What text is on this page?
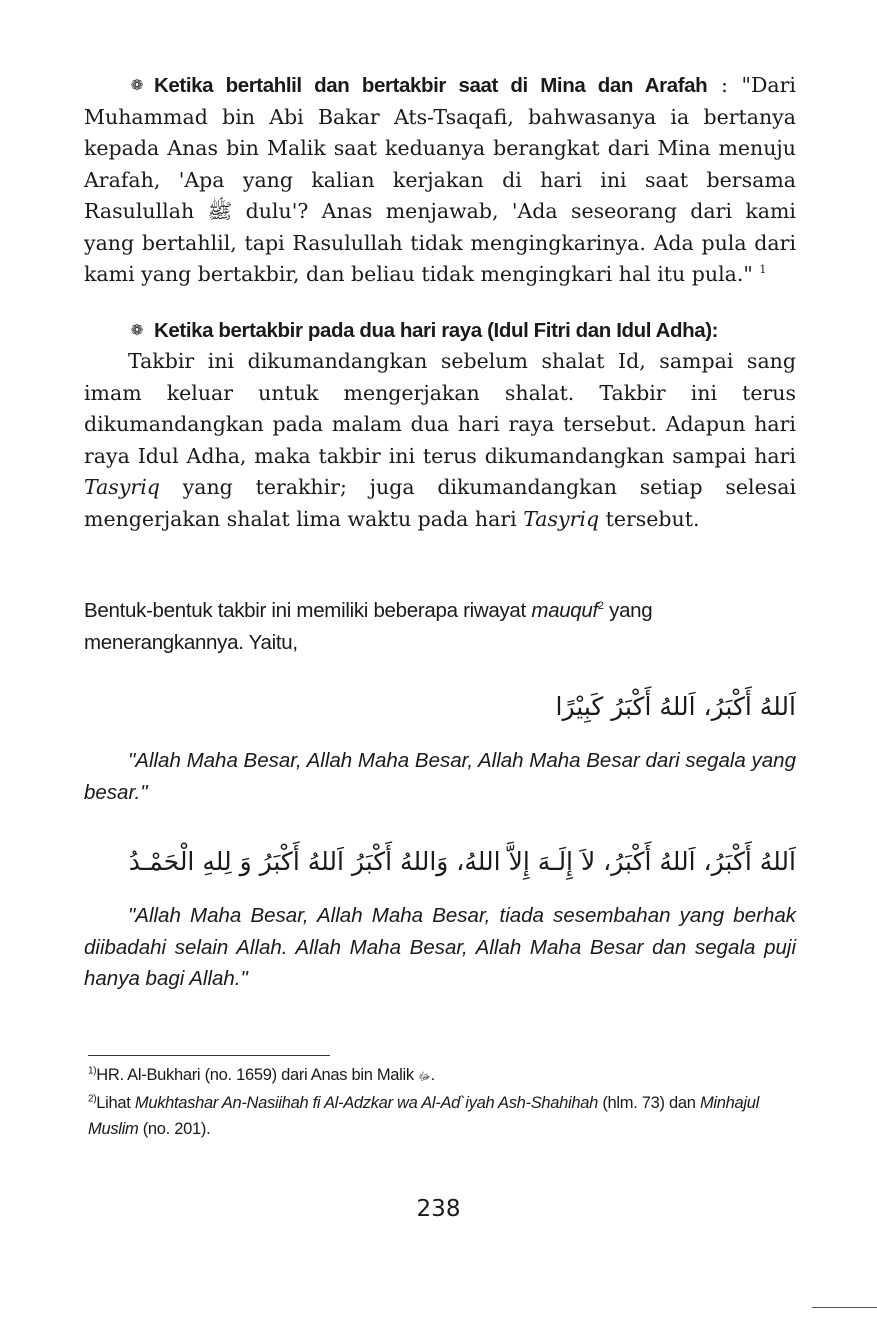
❁ Ketika bertahlil dan bertakbir saat di Mina dan Arafah : "Dari Muhammad bin Abi Bakar Ats-Tsaqafi, bahwasanya ia bertanya kepada Anas bin Malik saat keduanya berangkat dari Mina menuju Arafah, 'Apa yang kalian kerjakan di hari ini saat bersama Rasulullah ﷺ dulu'? Anas menjawab, 'Ada seseorang dari kami yang bertahlil, tapi Rasulullah tidak mengingkarinya. Ada pula dari kami yang bertakbir, dan beliau tidak mengingkari hal itu pula." $^1$

❁ Ketika bertakbir pada dua hari raya (Idul Fitri dan Idul Adha):
Takbir ini dikumandangkan sebelum shalat Id, sampai sang imam keluar untuk mengerjakan shalat. Takbir ini terus dikumandangkan pada malam dua hari raya tersebut. Adapun hari raya Idul Adha, maka takbir ini terus dikumandangkan sampai hari Tasyriq yang terakhir; juga dikumandangkan setiap selesai mengerjakan shalat lima waktu pada hari Tasyriq tersebut.

Bentuk-bentuk takbir ini memiliki beberapa riwayat mauquf$^2$ yang menerangkannya. Yaitu,

اَللهُ أَكْبَرُ، اَللهُ أَكْبَرُ كَبِيْرًا

"Allah Maha Besar, Allah Maha Besar, Allah Maha Besar dari segala yang besar."

اَللهُ أَكْبَرُ، اَللهُ أَكْبَرُ، لاَ إِلَـهَ إِلاَّ اللهُ، وَاللهُ أَكْبَرُ اَللهُ أَكْبَرُ وَ لِلهِ الْحَمْـدُ

"Allah Maha Besar, Allah Maha Besar, tiada sesembahan yang berhak diibadahi selain Allah. Allah Maha Besar, Allah Maha Besar dan segala puji hanya bagi Allah."

$^{1)}$HR. Al-Bukhari (no. 1659) dari Anas bin Malik ﷻ.

$^{2)}$Lihat Mukhtashar An-Nasiihah fi Al-Adzkar wa Al-Ad`iyah Ash-Shahihah (hlm. 73) dan Minhajul Muslim (no. 201).

238
